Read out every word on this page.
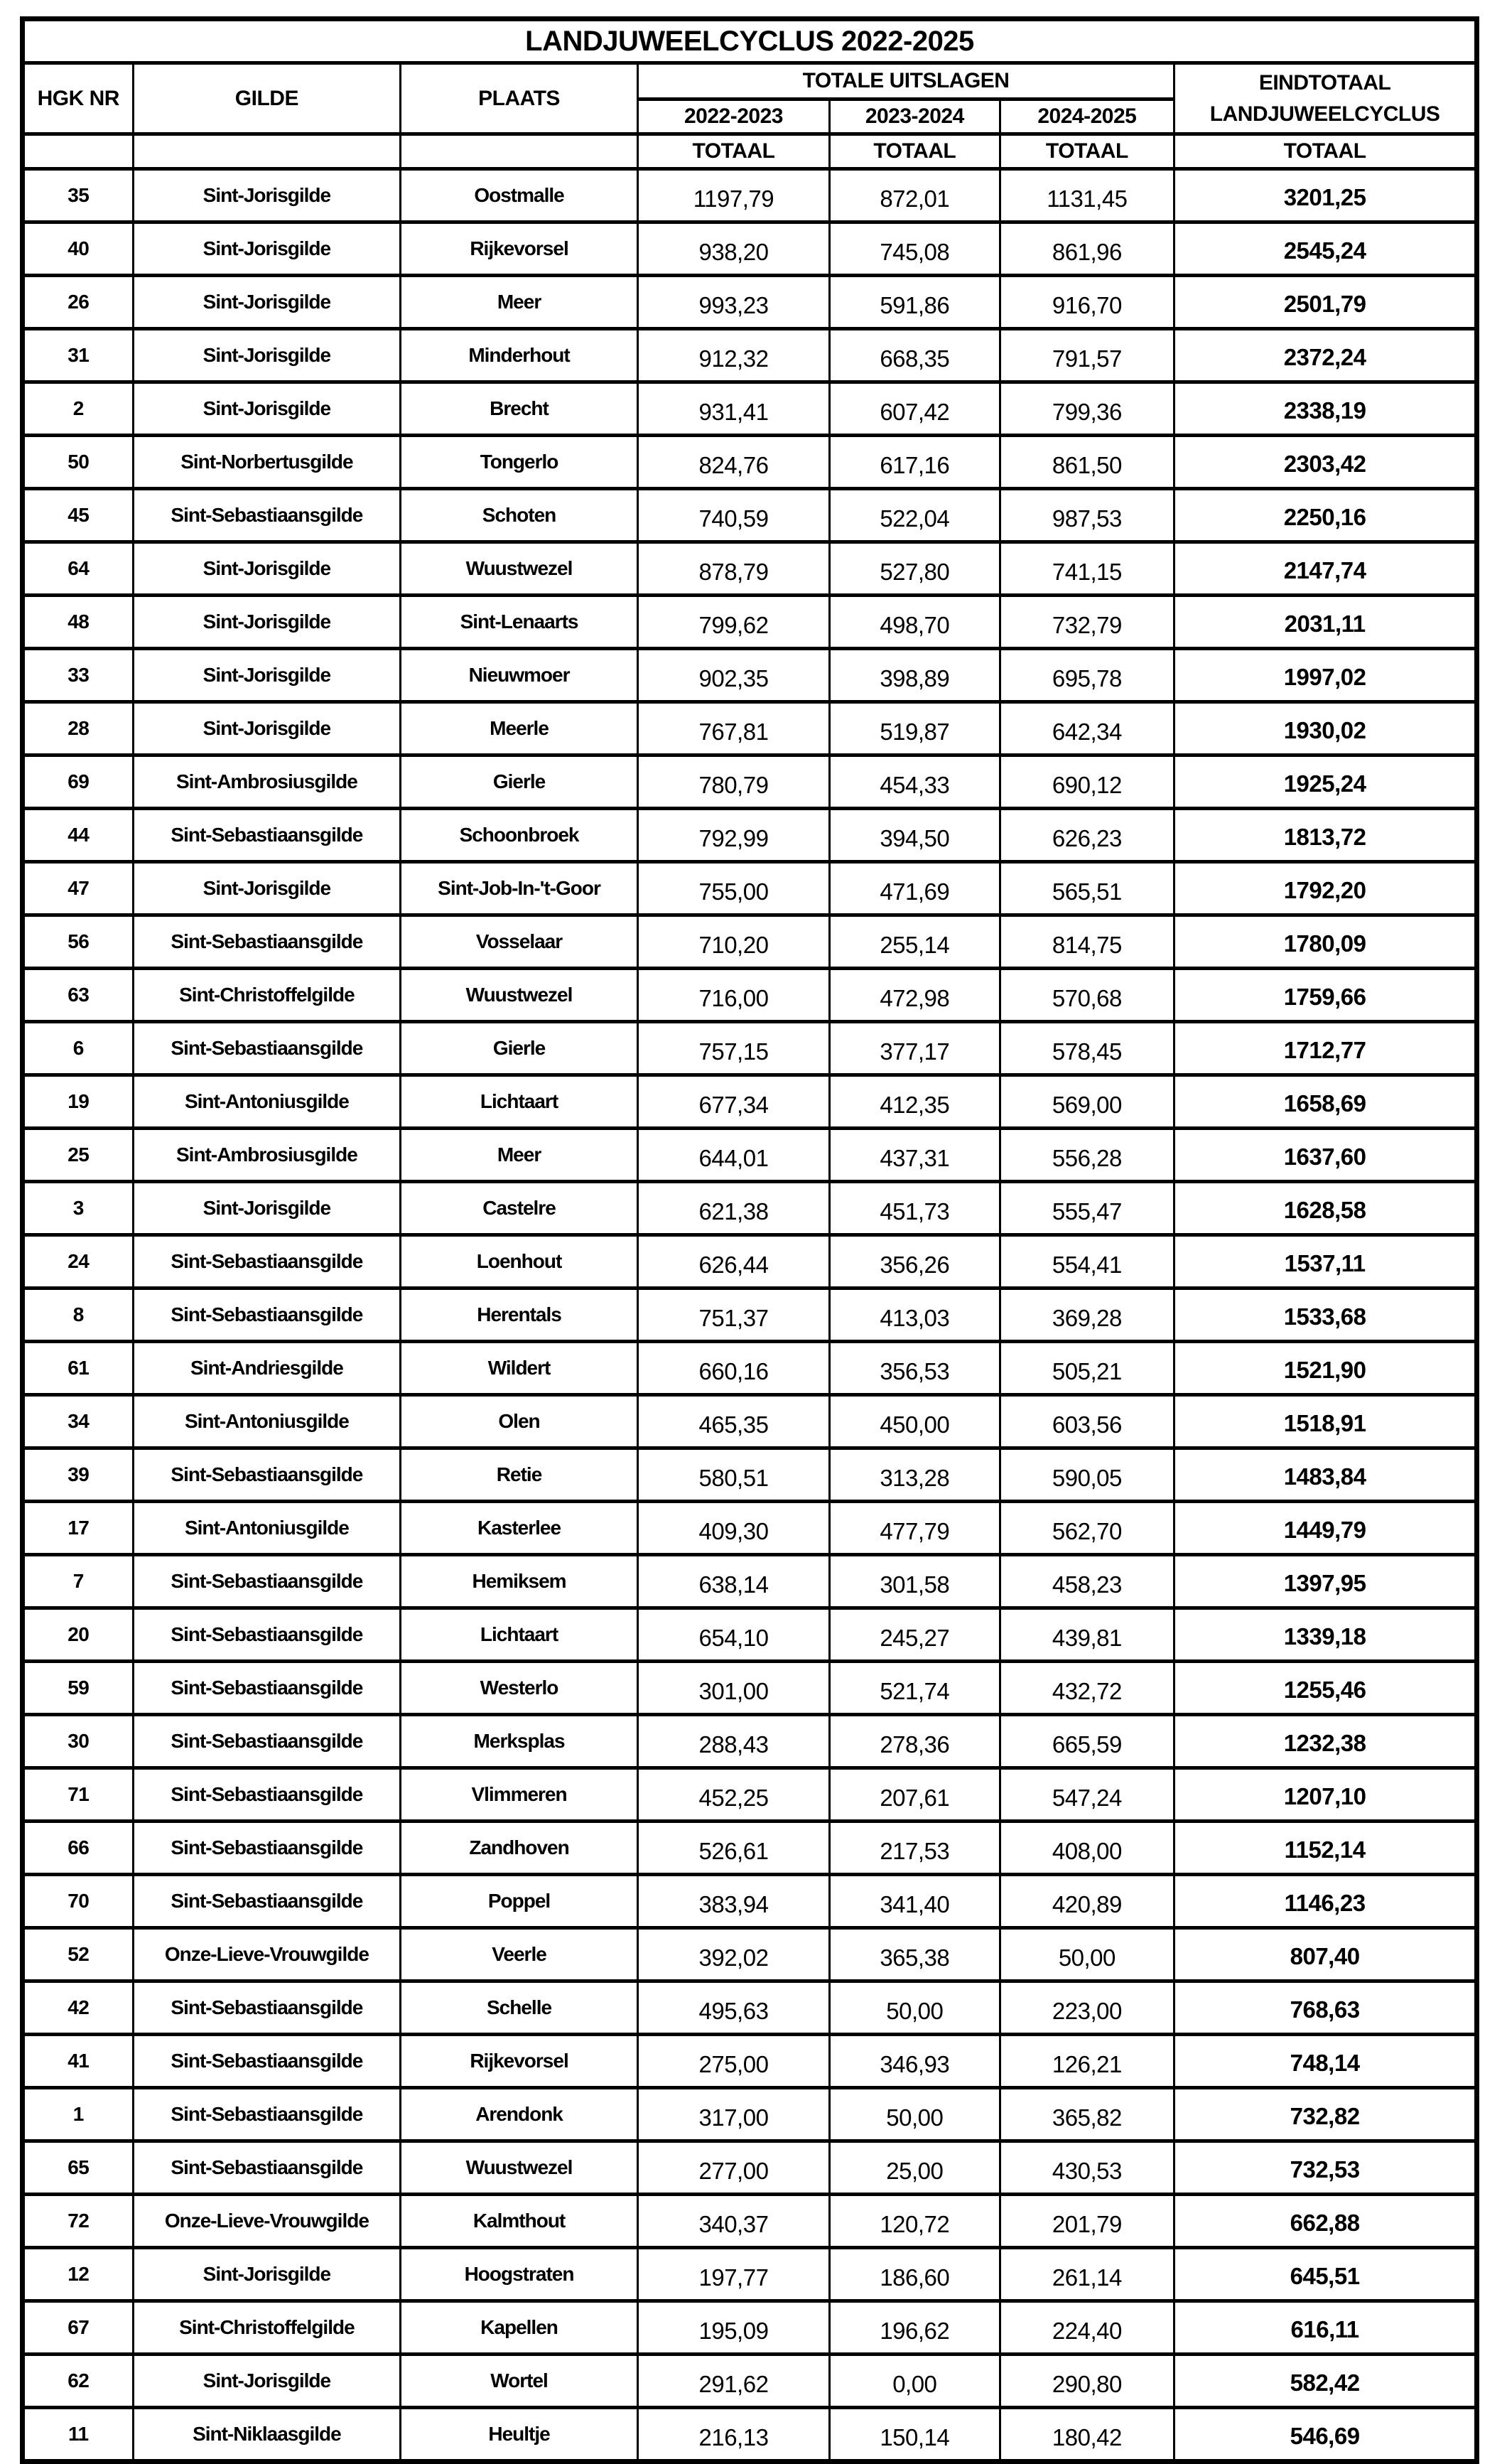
LANDJUWEELCYCLUS 2022-2025						
HGK NR	GILDE	PLAATS	TOTALE UITSLAGEN			EINDTOTAAL
LANDJUWEELCYCLUS

			2022-2023	2023-2024	2024-2025	
			TOTAAL	TOTAAL	TOTAAL	TOTAAL
35	Sint-Jorisgilde	Oostmalle	1197,79	872,01	1131,45	3201,25
40	Sint-Jorisgilde	Rijkevorsel	938,20	745,08	861,96	2545,24
26	Sint-Jorisgilde	Meer	993,23	591,86	916,70	2501,79
31	Sint-Jorisgilde	Minderhout	912,32	668,35	791,57	2372,24
2	Sint-Jorisgilde	Brecht	931,41	607,42	799,36	2338,19
50	Sint-Norbertusgilde	Tongerlo	824,76	617,16	861,50	2303,42
45	Sint-Sebastiaansgilde	Schoten	740,59	522,04	987,53	2250,16
64	Sint-Jorisgilde	Wuustwezel	878,79	527,80	741,15	2147,74
48	Sint-Jorisgilde	Sint-Lenaarts	799,62	498,70	732,79	2031,11
33	Sint-Jorisgilde	Nieuwmoer	902,35	398,89	695,78	1997,02
28	Sint-Jorisgilde	Meerle	767,81	519,87	642,34	1930,02
69	Sint-Ambrosiusgilde	Gierle	780,79	454,33	690,12	1925,24
44	Sint-Sebastiaansgilde	Schoonbroek	792,99	394,50	626,23	1813,72
47	Sint-Jorisgilde	Sint-Job-In-'t-Goor	755,00	471,69	565,51	1792,20
56	Sint-Sebastiaansgilde	Vosselaar	710,20	255,14	814,75	1780,09
63	Sint-Christoffelgilde	Wuustwezel	716,00	472,98	570,68	1759,66
6	Sint-Sebastiaansgilde	Gierle	757,15	377,17	578,45	1712,77
19	Sint-Antoniusgilde	Lichtaart	677,34	412,35	569,00	1658,69
25	Sint-Ambrosiusgilde	Meer	644,01	437,31	556,28	1637,60
3	Sint-Jorisgilde	Castelre	621,38	451,73	555,47	1628,58
24	Sint-Sebastiaansgilde	Loenhout	626,44	356,26	554,41	1537,11
8	Sint-Sebastiaansgilde	Herentals	751,37	413,03	369,28	1533,68
61	Sint-Andriesgilde	Wildert	660,16	356,53	505,21	1521,90
34	Sint-Antoniusgilde	Olen	465,35	450,00	603,56	1518,91
39	Sint-Sebastiaansgilde	Retie	580,51	313,28	590,05	1483,84
17	Sint-Antoniusgilde	Kasterlee	409,30	477,79	562,70	1449,79
7	Sint-Sebastiaansgilde	Hemiksem	638,14	301,58	458,23	1397,95
20	Sint-Sebastiaansgilde	Lichtaart	654,10	245,27	439,81	1339,18
59	Sint-Sebastiaansgilde	Westerlo	301,00	521,74	432,72	1255,46
30	Sint-Sebastiaansgilde	Merksplas	288,43	278,36	665,59	1232,38
71	Sint-Sebastiaansgilde	Vlimmeren	452,25	207,61	547,24	1207,10
66	Sint-Sebastiaansgilde	Zandhoven	526,61	217,53	408,00	1152,14
70	Sint-Sebastiaansgilde	Poppel	383,94	341,40	420,89	1146,23
52	Onze-Lieve-Vrouwgilde	Veerle	392,02	365,38	50,00	807,40
42	Sint-Sebastiaansgilde	Schelle	495,63	50,00	223,00	768,63
41	Sint-Sebastiaansgilde	Rijkevorsel	275,00	346,93	126,21	748,14
1	Sint-Sebastiaansgilde	Arendonk	317,00	50,00	365,82	732,82
65	Sint-Sebastiaansgilde	Wuustwezel	277,00	25,00	430,53	732,53
72	Onze-Lieve-Vrouwgilde	Kalmthout	340,37	120,72	201,79	662,88
12	Sint-Jorisgilde	Hoogstraten	197,77	186,60	261,14	645,51
67	Sint-Christoffelgilde	Kapellen	195,09	196,62	224,40	616,11
62	Sint-Jorisgilde	Wortel	291,62	0,00	290,80	582,42
11	Sint-Niklaasgilde	Heultje	216,13	150,14	180,42	546,69
